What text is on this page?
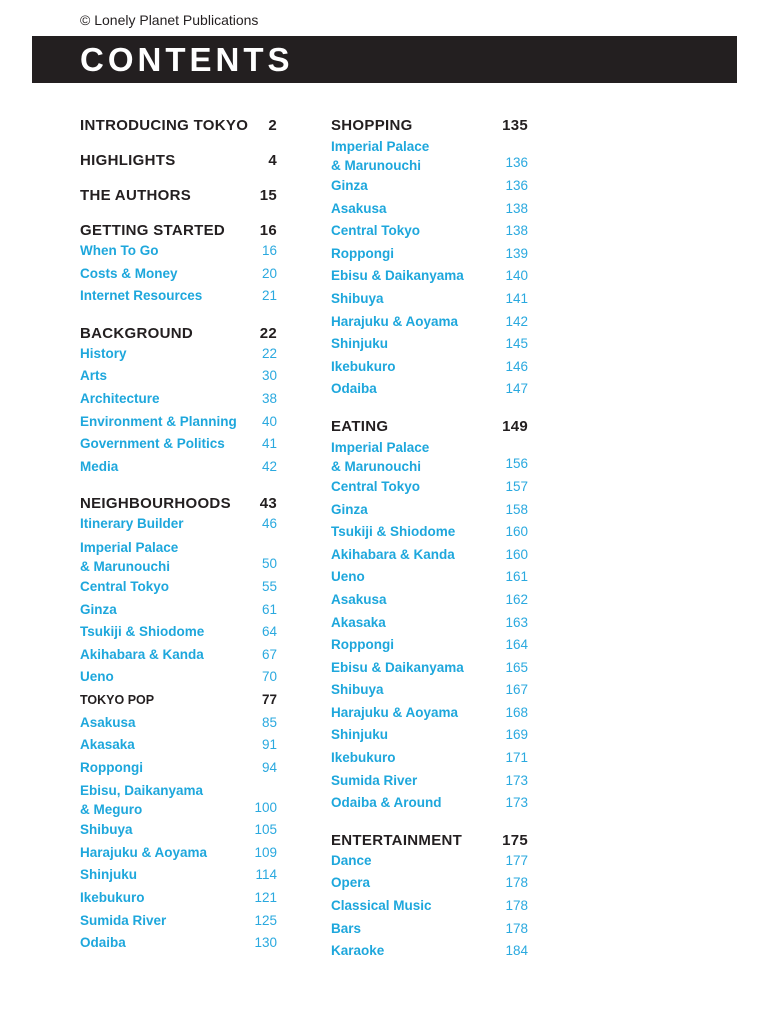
© Lonely Planet Publications
CONTENTS
INTRODUCING TOKYO 2
HIGHLIGHTS	4
THE AUTHORS	15
GETTING STARTED 16
When To Go	16
Costs & Money	20
Internet Resources	21
BACKGROUND	22
History	22
Arts	30
Architecture	38
Environment & Planning 40
Government & Politics	41
Media	42
NEIGHBOURHOODS 43
Itinerary Builder	46
Imperial Palace
& Marunouchi	50
Central Tokyo	55
Ginza	61
Tsukiji & Shiodome	64
Akihabara & Kanda	67
Ueno	70
TOKYO POP	77
Asakusa	85
Akasaka	91
Roppongi	94
Ebisu, Daikanyama
& Meguro	100
Shibuya	105
Harajuku & Aoyama	109
Shinjuku	114
Ikebukuro	121
Sumida River	125
Odaiba	130
SHOPPING	135
Imperial Palace
& Marunouchi	136
Ginza	136
Asakusa	138
Central Tokyo	138
Roppongi	139
Ebisu & Daikanyama	140
Shibuya	141
Harajuku & Aoyama	142
Shinjuku	145
Ikebukuro	146
Odaiba	147
EATING	149
Imperial Palace
& Marunouchi	156
Central Tokyo	157
Ginza	158
Tsukiji & Shiodome	160
Akihabara & Kanda	160
Ueno	161
Asakusa	162
Akasaka	163
Roppongi	164
Ebisu & Daikanyama	165
Shibuya	167
Harajuku & Aoyama	168
Shinjuku	169
Ikebukuro	171
Sumida River	173
Odaiba & Around	173
ENTERTAINMENT	175
Dance	177
Opera	178
Classical Music	178
Bars	178
Karaoke	184
